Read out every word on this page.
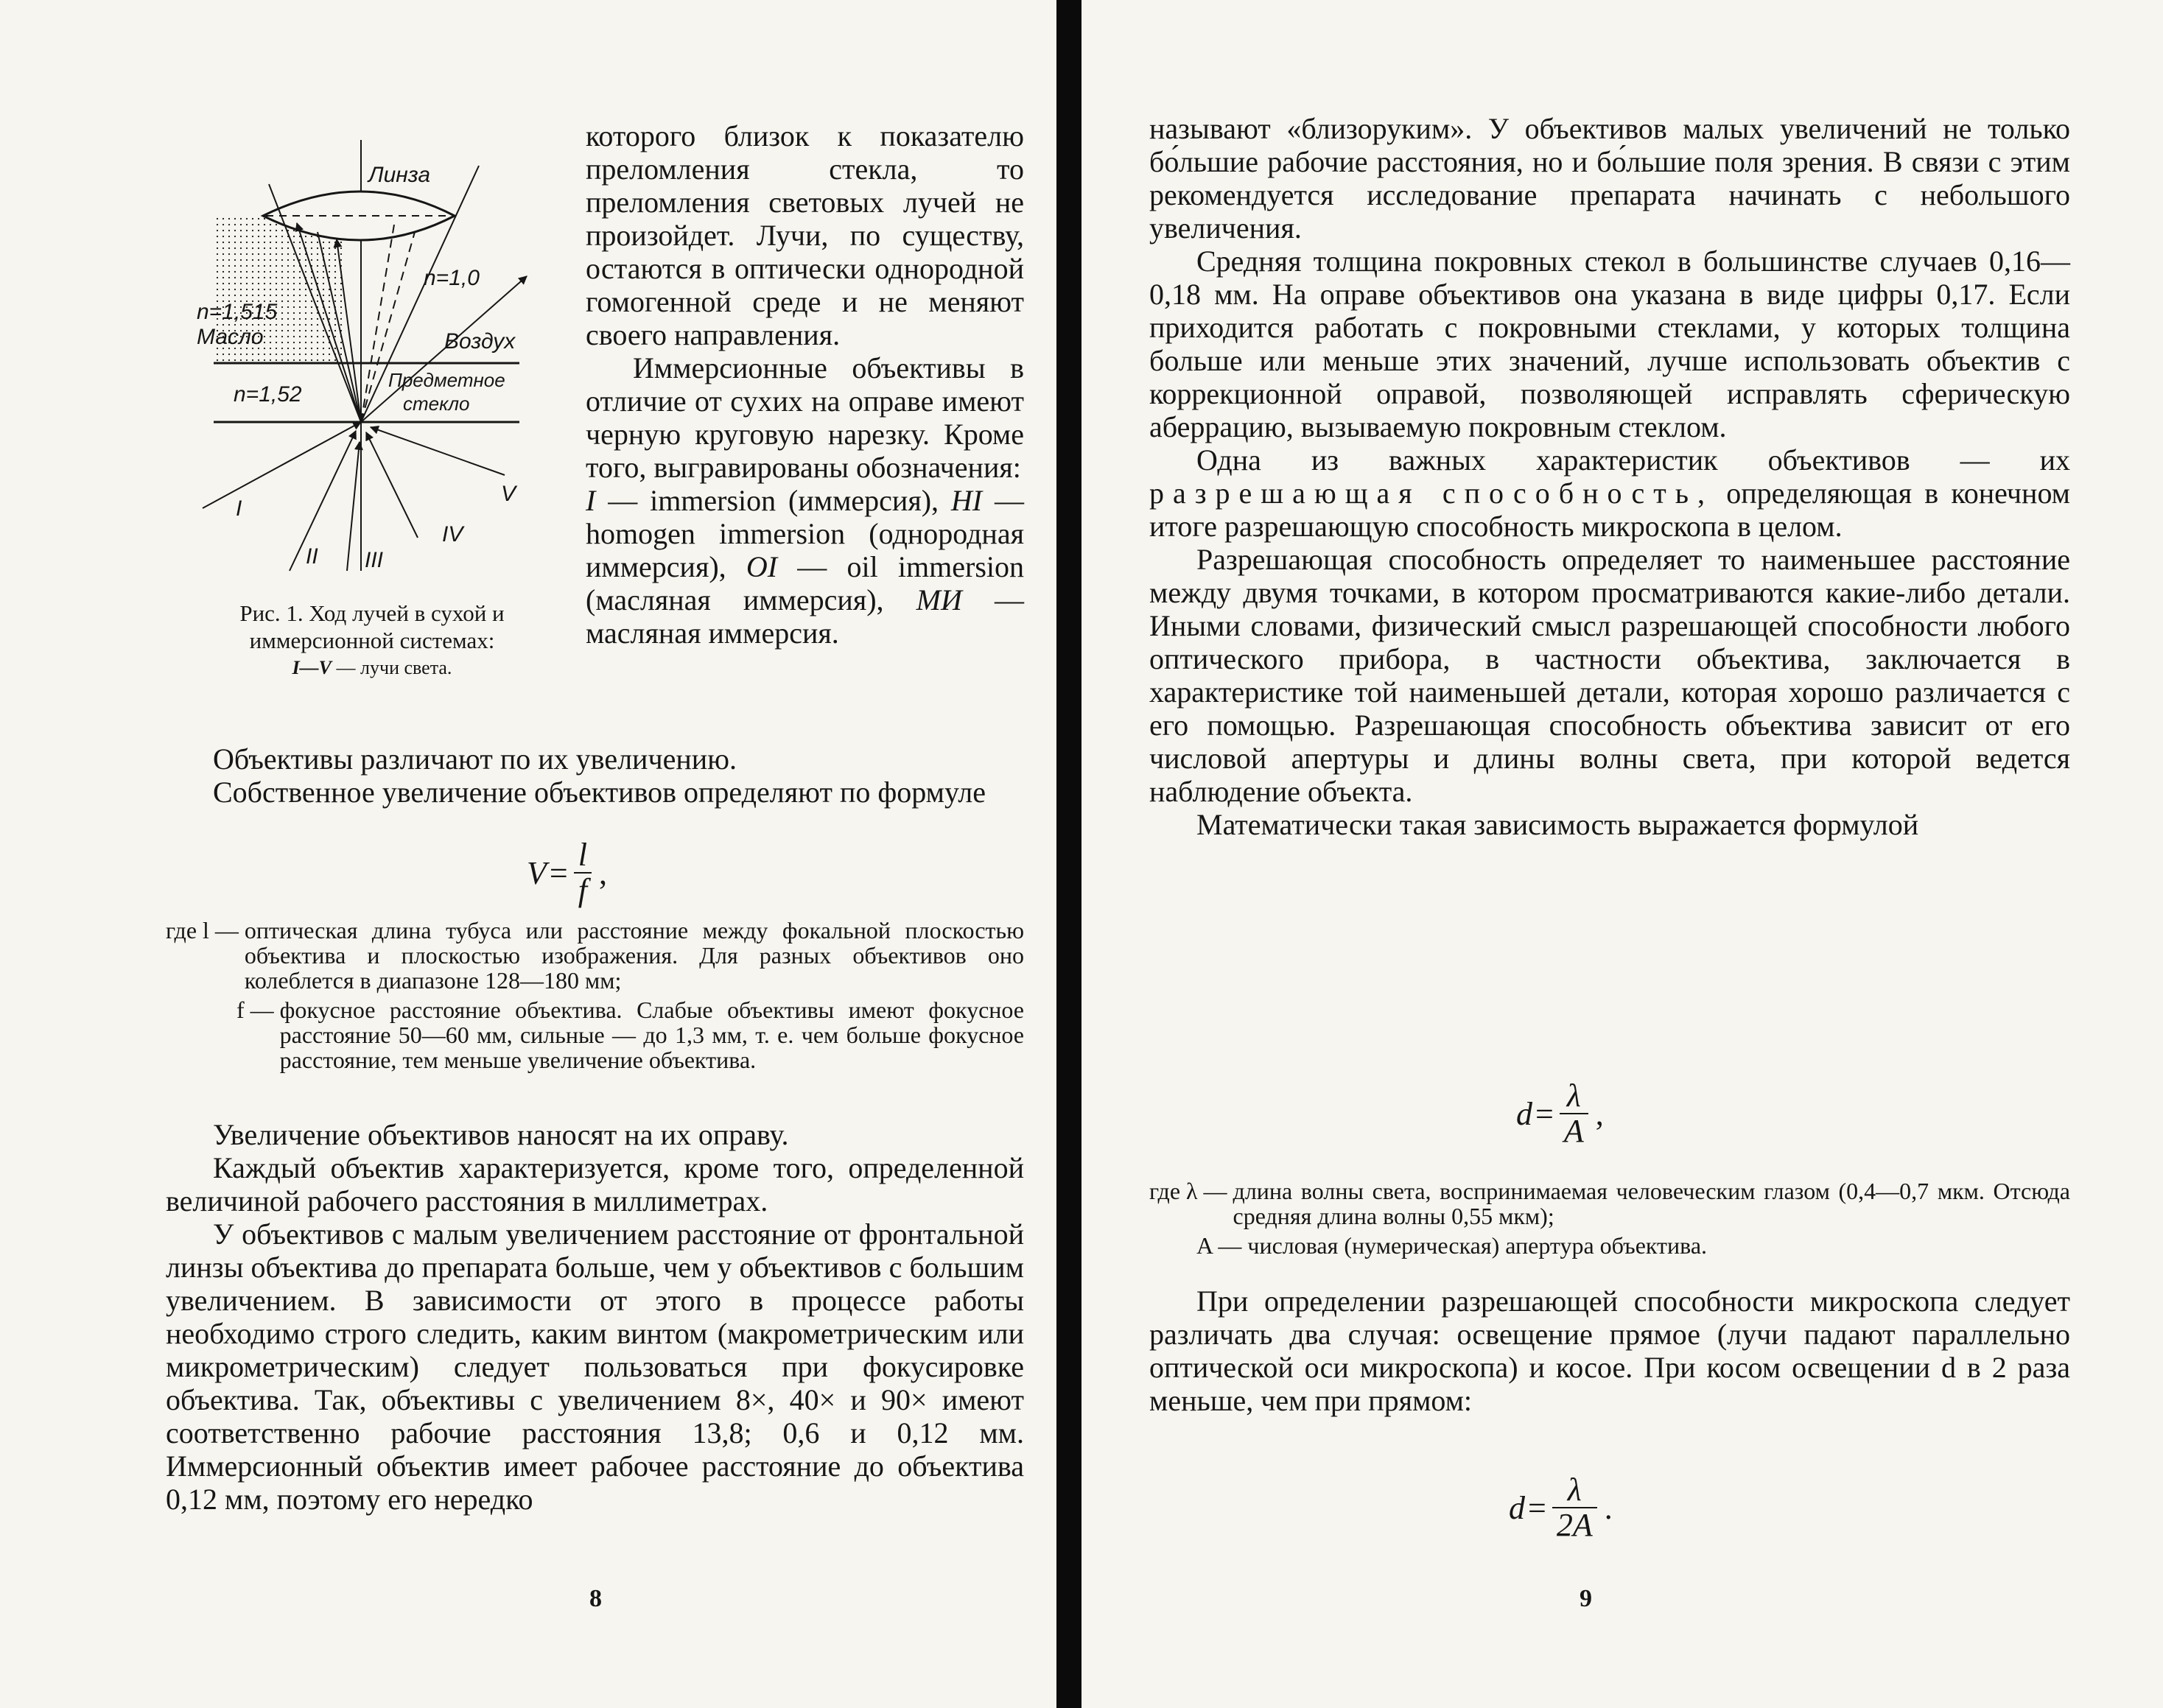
Линза
n=1,0
n=1,515
Масло	Воздух
n=1,52
Предметное
стекло
I
II III
IV
V
Рис. 1. Ход лучей в сухой и
иммерсионной системах:
I—V — лучи света.

которого близок к показателю преломления стекла, то преломления световых лучей не произойдет. Лучи, по существу, остаются в оптически однородной гомогенной среде и не меняют своего направления.

Иммерсионные объективы в отличие от сухих на оправе имеют черную круговую нарезку. Кроме того, выгравированы обозначения:

I — immersion (иммерсия), HI — homogen immersion (однородная иммерсия), OI — oil immersion (масляная иммерсия), МИ — масляная иммерсия.

Объективы различают по их увеличению.

Собственное увеличение объективов определяют по формуле

$V = \frac{l}{f}$ ,
где l — оптическая длина тубуса или расстояние между фокальной плоскостью объектива и плоскостью изображения. Для разных объективов оно колеблется в диапазоне 128—180 мм;
f — фокусное расстояние объектива. Слабые объективы имеют фокусное расстояние 50—60 мм, сильные — до 1,3 мм, т. е. чем больше фокусное расстояние, тем меньше увеличение объектива.

Увеличение объективов наносят на их оправу.

Каждый объектив характеризуется, кроме того, определенной величиной рабочего расстояния в миллиметрах.

У объективов с малым увеличением расстояние от фронтальной линзы объектива до препарата больше, чем у объективов с большим увеличением. В зависимости от этого в процессе работы необходимо строго следить, каким винтом (макрометрическим или микрометрическим) следует пользоваться при фокусировке объектива. Так, объективы с увеличением 8×, 40× и 90× имеют соответственно рабочие расстояния 13,8; 0,6 и 0,12 мм. Иммерсионный объектив имеет рабочее расстояние до объектива 0,12 мм, поэтому его нередко

8

называют «близоруким». У объективов малых увеличений не только бо́льшие рабочие расстояния, но и бо́льшие поля зрения. В связи с этим рекомендуется исследование препарата начинать с небольшого увеличения.

Средняя толщина покровных стекол в большинстве случаев 0,16—0,18 мм. На оправе объективов она указана в виде цифры 0,17. Если приходится работать с покровными стеклами, у которых толщина больше или меньше этих значений, лучше использовать объектив с коррекционной оправой, позволяющей исправлять сферическую аберрацию, вызываемую покровным стеклом.

Одна из важных характеристик объективов — их разрешающая способность, определяющая в конечном итоге разрешающую способность микроскопа в целом.

Разрешающая способность определяет то наименьшее расстояние между двумя точками, в котором просматриваются какие-либо детали. Иными словами, физический смысл разрешающей способности любого оптического прибора, в частности объектива, заключается в характеристике той наименьшей детали, которая хорошо различается с его помощью. Разрешающая способность объектива зависит от его числовой апертуры и длины волны света, при которой ведется наблюдение объекта.

Математически такая зависимость выражается формулой

$d = \frac{\lambda}{A}$ ,
где λ — длина волны света, воспринимаемая человеческим глазом (0,4—0,7 мкм. Отсюда средняя длина волны 0,55 мкм);
A — числовая (нумерическая) апертура объектива.

При определении разрешающей способности микроскопа следует различать два случая: освещение прямое (лучи падают параллельно оптической оси микроскопа) и косое. При косом освещении d в 2 раза меньше, чем при прямом:

$d = \frac{\lambda}{2A}$ .
9
